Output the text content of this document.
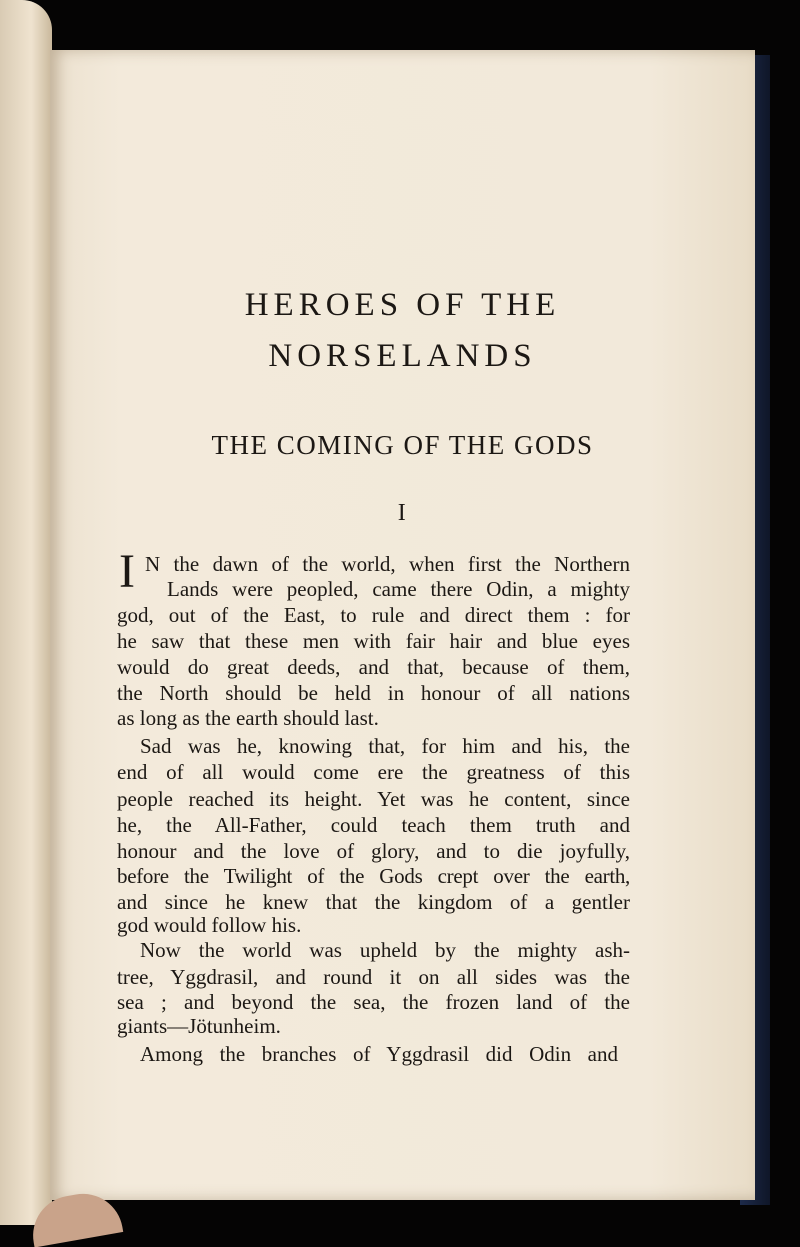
HEROES OF THE
NORSELANDS
THE COMING OF THE GODS
I
I N the dawn of the world, when first the Northern
Lands were peopled, came there Odin, a mighty
god, out of the East, to rule and direct them : for
he saw that these men with fair hair and blue eyes
would do great deeds, and that, because of them,
the North should be held in honour of all nations
as long as the earth should last.
Sad was he, knowing that, for him and his, the
end of all would come ere the greatness of this
people reached its height. Yet was he content, since
he, the All-Father, could teach them truth and
honour and the love of glory, and to die joyfully,
before the Twilight of the Gods crept over the earth,
and since he knew that the kingdom of a gentler
god would follow his.
Now the world was upheld by the mighty ash-
tree, Yggdrasil, and round it on all sides was the
sea ; and beyond the sea, the frozen land of the
giants—Jötunheim.
Among the branches of Yggdrasil did Odin and
